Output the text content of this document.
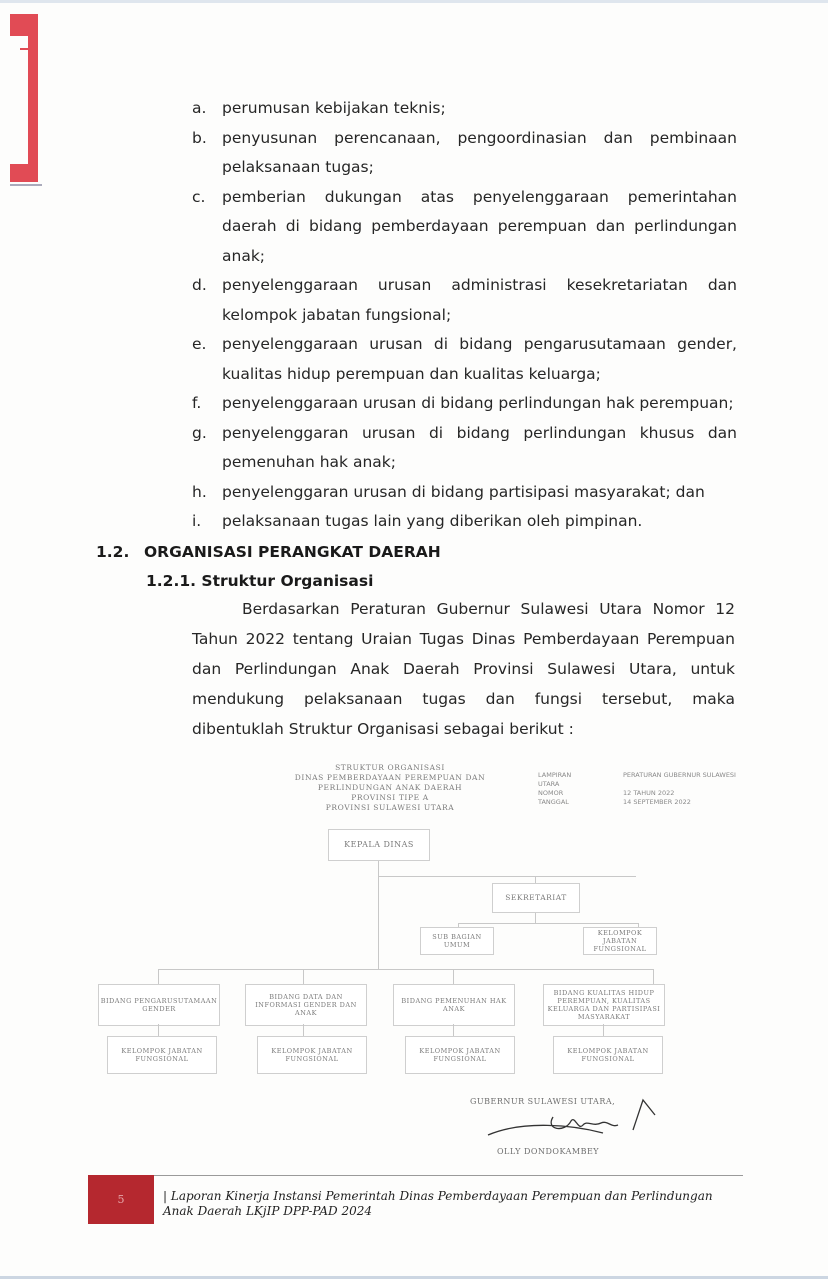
a.	perumusan kebijakan teknis;
b. penyusunan perencanaan, pengoordinasian dan pembinaan pelaksanaan tugas;
c.	pemberian dukungan atas penyelenggaraan pemerintahan daerah di bidang pemberdayaan perempuan dan perlindungan anak;
d. penyelenggaraan urusan administrasi kesekretariatan dan kelompok jabatan fungsional;
e.	penyelenggaraan urusan di bidang pengarusutamaan gender, kualitas hidup perempuan dan kualitas keluarga;
f.	penyelenggaraan urusan di bidang perlindungan hak perempuan;
g. penyelenggaran urusan di bidang perlindungan khusus dan pemenuhan hak anak;
h. penyelenggaran urusan di bidang partisipasi masyarakat; dan
i.	pelaksanaan tugas lain yang diberikan oleh pimpinan.
1.2. ORGANISASI PERANGKAT DAERAH
1.2.1. Struktur Organisasi
Berdasarkan Peraturan Gubernur Sulawesi Utara Nomor 12 Tahun 2022 tentang Uraian Tugas Dinas Pemberdayaan Perempuan dan Perlindungan Anak Daerah Provinsi Sulawesi Utara, untuk mendukung pelaksanaan tugas dan fungsi tersebut, maka dibentuklah Struktur Organisasi sebagai berikut :
STRUKTUR ORGANISASI
DINAS PEMBERDAYAAN PEREMPUAN DAN
PERLINDUNGAN ANAK DAERAH
PROVINSI TIPE A
PROVINSI SULAWESI UTARA
LAMPIRAN	PERATURAN GUBERNUR SULAWESI UTARA
NOMOR	12 TAHUN 2022
TANGGAL	14 SEPTEMBER 2022
KEPALA DINAS
SEKRETARIAT
SUB BAGIAN UMUM
KELOMPOK JABATAN FUNGSIONAL
BIDANG PENGARUSUTAMAAN GENDER
BIDANG DATA DAN INFORMASI GENDER DAN ANAK
BIDANG PEMENUHAN HAK ANAK
BIDANG KUALITAS HIDUP PEREMPUAN, KUALITAS KELUARGA DAN PARTISIPASI MASYARAKAT
KELOMPOK JABATAN FUNGSIONAL
KELOMPOK JABATAN FUNGSIONAL
KELOMPOK JABATAN FUNGSIONAL
KELOMPOK JABATAN FUNGSIONAL
GUBERNUR SULAWESI UTARA,
OLLY DONDOKAMBEY
5	| Laporan Kinerja Instansi Pemerintah Dinas Pemberdayaan Perempuan dan Perlindungan Anak Daerah LKjIP DPP-PAD 2024
